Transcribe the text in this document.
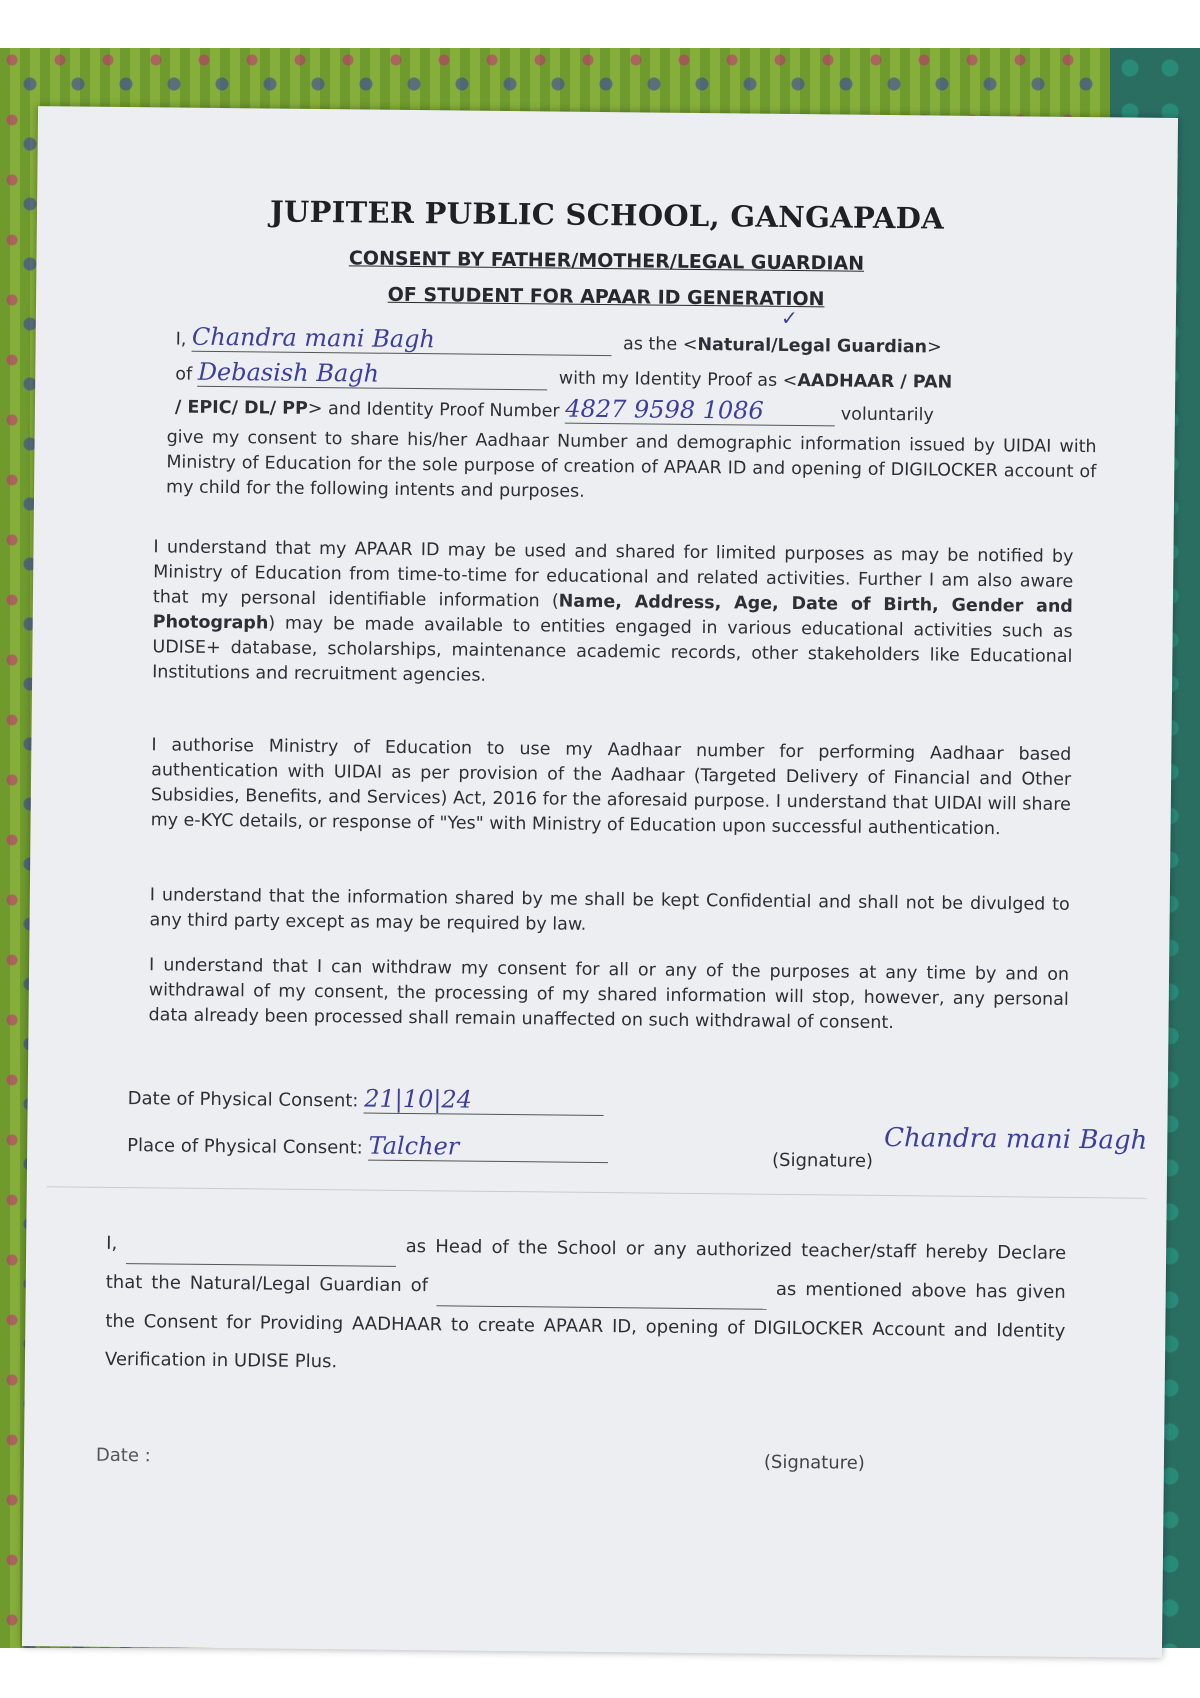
JUPITER PUBLIC SCHOOL, GANGAPADA
CONSENT BY FATHER/MOTHER/LEGAL GUARDIAN
OF STUDENT FOR APAAR ID GENERATION
I, Chandra mani Bagh	as the <Natural/Legal Guardian>
✓
of Debasish Bagh	with my Identity Proof as <AADHAAR / PAN
/ EPIC/ DL/ PP> and Identity Proof Number 4827 9598 1086	voluntarily
give my consent to share his/her Aadhaar Number and demographic information issued by UIDAI with Ministry of Education for the sole purpose of creation of APAAR ID and opening of DIGILOCKER account of my child for the following intents and purposes.
I understand that my APAAR ID may be used and shared for limited purposes as may be notified by Ministry of Education from time-to-time for educational and related activities. Further I am also aware that my personal identifiable information (Name, Address, Age, Date of Birth, Gender and Photograph) may be made available to entities engaged in various educational activities such as UDISE+ database, scholarships, maintenance academic records, other stakeholders like Educational Institutions and recruitment agencies.
I authorise Ministry of Education to use my Aadhaar number for performing Aadhaar based authentication with UIDAI as per provision of the Aadhaar (Targeted Delivery of Financial and Other Subsidies, Benefits, and Services) Act, 2016 for the aforesaid purpose. I understand that UIDAI will share my e-KYC details, or response of "Yes" with Ministry of Education upon successful authentication.
I understand that the information shared by me shall be kept Confidential and shall not be divulged to any third party except as may be required by law.
I understand that I can withdraw my consent for all or any of the purposes at any time by and on withdrawal of my consent, the processing of my shared information will stop, however, any personal data already been processed shall remain unaffected on such withdrawal of consent.
Date of Physical Consent: 21|10|24
Place of Physical Consent: Talcher	Chandra mani Bagh
(Signature)
I,	as Head of the School or any authorized teacher/staff hereby Declare that the Natural/Legal Guardian of	as mentioned above has given the Consent for Providing AADHAAR to create APAAR ID, opening of DIGILOCKER Account and Identity Verification in UDISE Plus.
Date :	(Signature)
